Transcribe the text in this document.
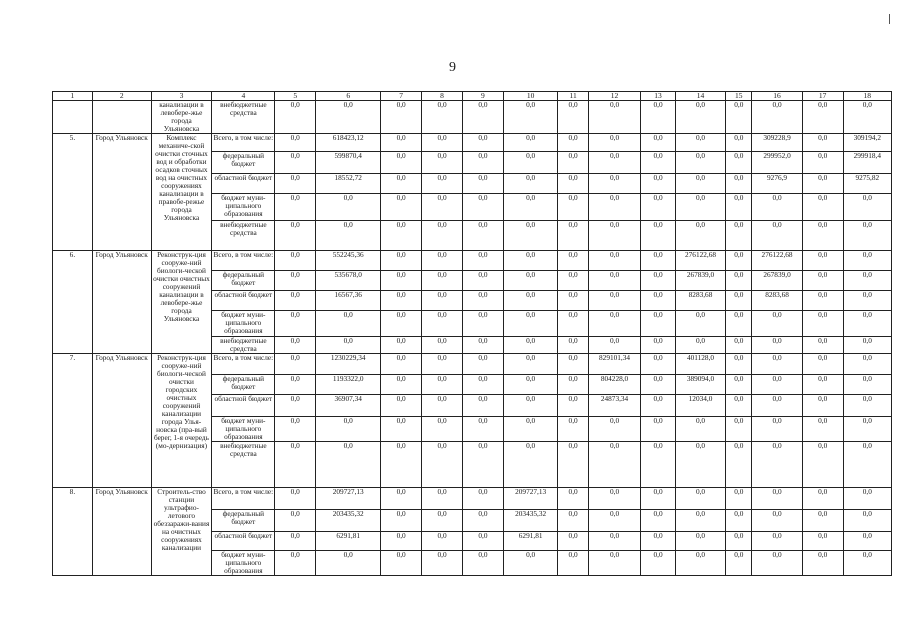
9
1	2	3	4	5	6	7	8	9	10	11	12	13	14	15	16	17	18
		канализации в левобере-жье города Ульяновска	внебюджетные средства	0,0	0,0	0,0	0,0	0,0	0,0	0,0	0,0	0,0	0,0	0,0	0,0	0,0	0,0
5.	Город Ульяновск	Комплекс механиче-ской очистки сточных вод и обработки осадков сточных вод на очистных сооружениях канализации в правобе-режье города Ульяновска	Всего, в том числе:	0,0	618423,12	0,0	0,0	0,0	0,0	0,0	0,0	0,0	0,0	0,0	309228,9	0,0	309194,2
			федеральный бюджет	0,0	599870,4	0,0	0,0	0,0	0,0	0,0	0,0	0,0	0,0	0,0	299952,0	0,0	299918,4
			областной бюджет	0,0	18552,72	0,0	0,0	0,0	0,0	0,0	0,0	0,0	0,0	0,0	9276,9	0,0	9275,82
			бюджет муни-ципального образования	0,0	0,0	0,0	0,0	0,0	0,0	0,0	0,0	0,0	0,0	0,0	0,0	0,0	0,0
			внебюджетные средства	0,0	0,0	0,0	0,0	0,0	0,0	0,0	0,0	0,0	0,0	0,0	0,0	0,0	0,0
6.	Город Ульяновск	Реконструк-ция сооруже-ний биологи-ческой очистки очистных сооружений канализации в левобере-жье города Ульяновска	Всего, в том числе:	0,0	552245,36	0,0	0,0	0,0	0,0	0,0	0,0	0,0	276122,68	0,0	276122,68	0,0	0,0
			федеральный бюджет	0,0	535678,0	0,0	0,0	0,0	0,0	0,0	0,0	0,0	267839,0	0,0	267839,0	0,0	0,0
			областной бюджет	0,0	16567,36	0,0	0,0	0,0	0,0	0,0	0,0	0,0	8283,68	0,0	8283,68	0,0	0,0
			бюджет муни-ципального образования	0,0	0,0	0,0	0,0	0,0	0,0	0,0	0,0	0,0	0,0	0,0	0,0	0,0	0,0
			внебюджетные средства	0,0	0,0	0,0	0,0	0,0	0,0	0,0	0,0	0,0	0,0	0,0	0,0	0,0	0,0
7.	Город Ульяновск	Реконструк-ция сооруже-ний биологи-ческой очистки городских очистных сооружений канализации города Улья-новска (пра-вый берег, 1-я очередь (мо-дернизация)	Всего, в том числе:	0,0	1230229,34	0,0	0,0	0,0	0,0	0,0	829101,34	0,0	401128,0	0,0	0,0	0,0	0,0
			федеральный бюджет	0,0	1193322,0	0,0	0,0	0,0	0,0	0,0	804228,0	0,0	389094,0	0,0	0,0	0,0	0,0
			областной бюджет	0,0	36907,34	0,0	0,0	0,0	0,0	0,0	24873,34	0,0	12034,0	0,0	0,0	0,0	0,0
			бюджет муни-ципального образования	0,0	0,0	0,0	0,0	0,0	0,0	0,0	0,0	0,0	0,0	0,0	0,0	0,0	0,0
			внебюджетные средства	0,0	0,0	0,0	0,0	0,0	0,0	0,0	0,0	0,0	0,0	0,0	0,0	0,0	0,0
8.	Город Ульяновск	Строитель-ство станции ультрафио-летового обеззаражи-вания на очистных сооружениях канализации	Всего, в том числе:	0,0	209727,13	0,0	0,0	0,0	209727,13	0,0	0,0	0,0	0,0	0,0	0,0	0,0	0,0
			федеральный бюджет	0,0	203435,32	0,0	0,0	0,0	203435,32	0,0	0,0	0,0	0,0	0,0	0,0	0,0	0,0
			областной бюджет	0,0	6291,81	0,0	0,0	0,0	6291,81	0,0	0,0	0,0	0,0	0,0	0,0	0,0	0,0
			бюджет муни-ципального образования	0,0	0,0	0,0	0,0	0,0	0,0	0,0	0,0	0,0	0,0	0,0	0,0	0,0	0,0
